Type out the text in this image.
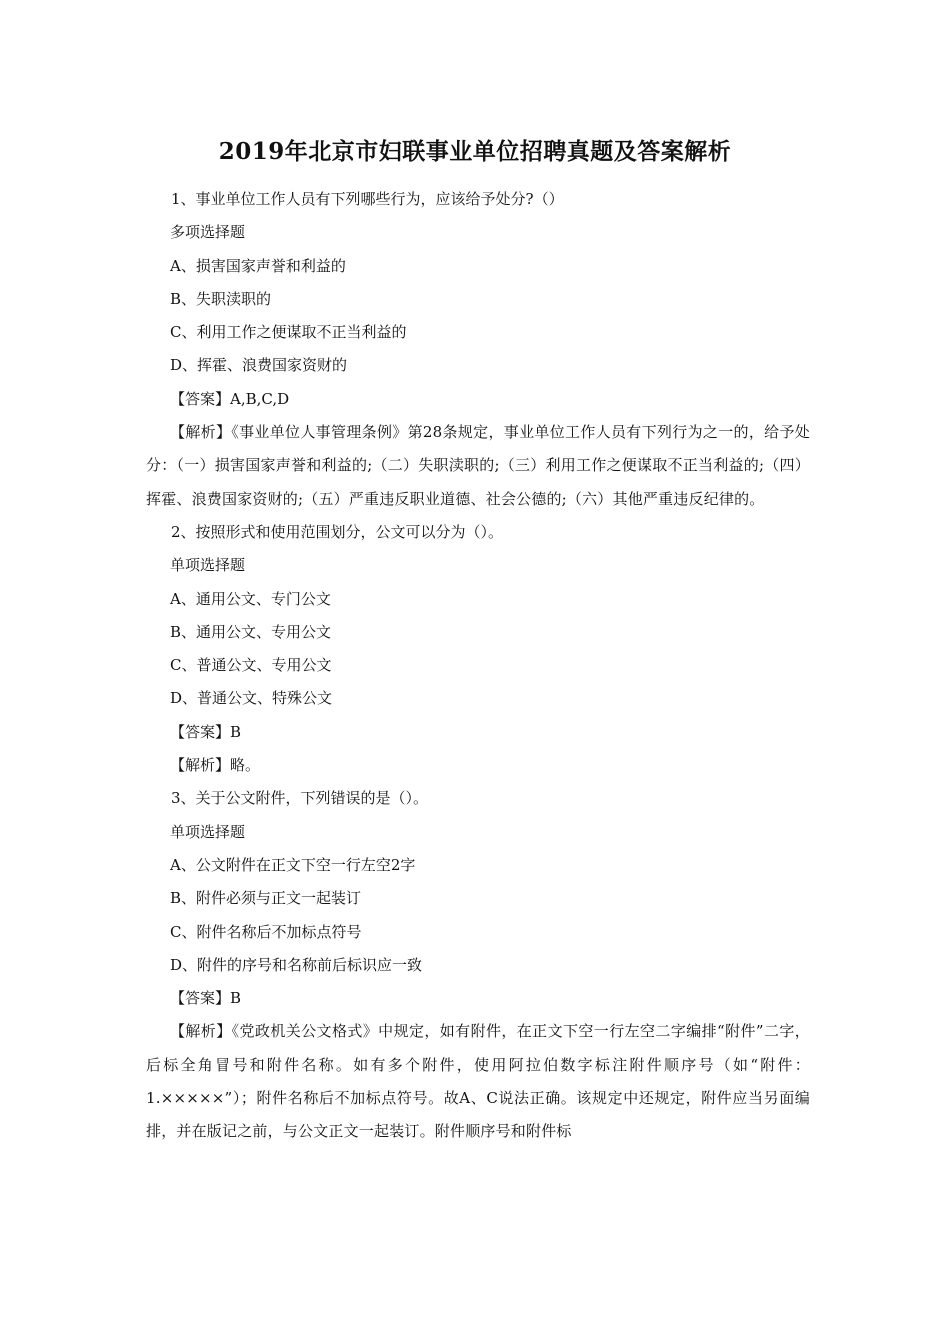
2019年北京市妇联事业单位招聘真题及答案解析
1、事业单位工作人员有下列哪些行为，应该给予处分?（）
多项选择题
A、损害国家声誉和利益的
B、失职渎职的
C、利用工作之便谋取不正当利益的
D、挥霍、浪费国家资财的
【答案】A,B,C,D
【解析】《事业单位人事管理条例》第28条规定，事业单位工作人员有下列行为之一的，给予处分：（一）损害国家声誉和利益的;（二）失职渎职的;（三）利用工作之便谋取不正当利益的;（四）挥霍、浪费国家资财的;（五）严重违反职业道德、社会公德的;（六）其他严重违反纪律的。
2、按照形式和使用范围划分，公文可以分为（）。
单项选择题
A、通用公文、专门公文
B、通用公文、专用公文
C、普通公文、专用公文
D、普通公文、特殊公文
【答案】B
【解析】略。
3、关于公文附件，下列错误的是（）。
单项选择题
A、公文附件在正文下空一行左空2字
B、附件必须与正文一起装订
C、附件名称后不加标点符号
D、附件的序号和名称前后标识应一致
【答案】B
【解析】《党政机关公文格式》中规定，如有附件，在正文下空一行左空二字编排“附件”二字，后标全角冒号和附件名称。如有多个附件，使用阿拉伯数字标注附件顺序号（如“附件：1.×××××”）；附件名称后不加标点符号。故A、C说法正确。该规定中还规定，附件应当另面编排，并在版记之前，与公文正文一起装订。附件顺序号和附件标
